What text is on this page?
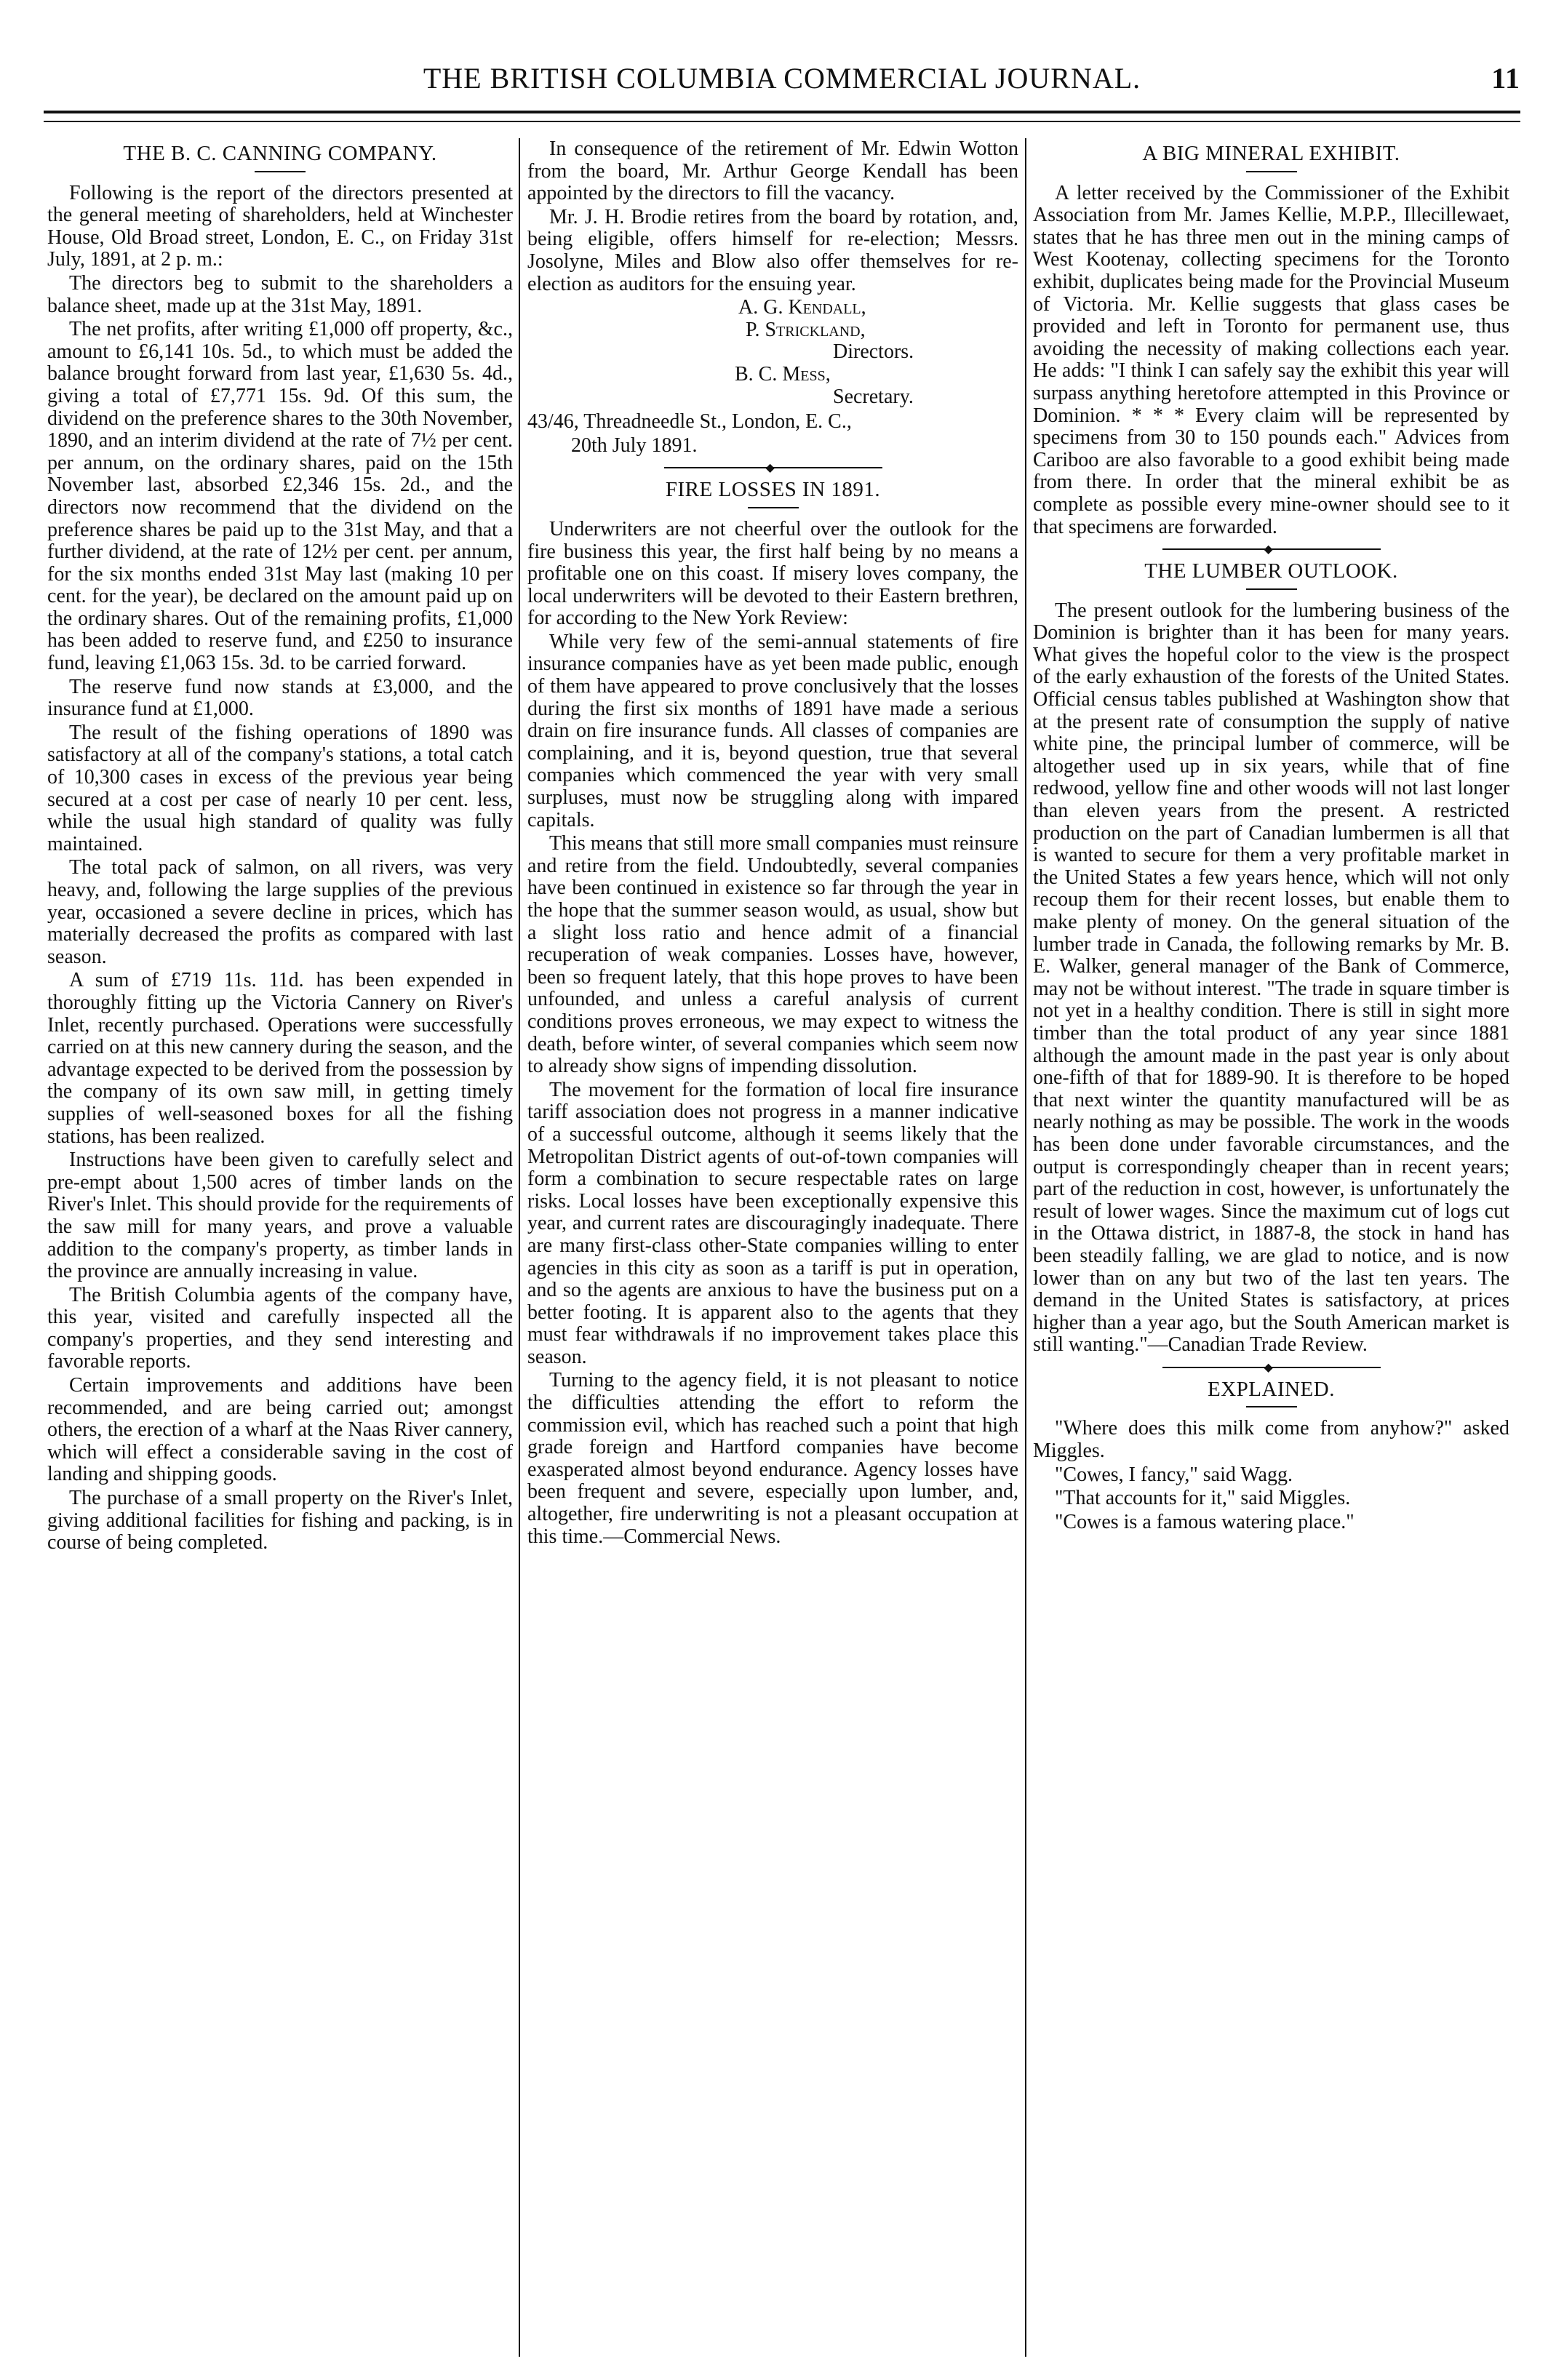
THE BRITISH COLUMBIA COMMERCIAL JOURNAL.	11
THE B. C. CANNING COMPANY.

Following is the report of the directors presented at the general meeting of shareholders, held at Winchester House, Old Broad street, London, E. C., on Friday 31st July, 1891, at 2 p. m.:

The directors beg to submit to the shareholders a balance sheet, made up at the 31st May, 1891.

The net profits, after writing £1,000 off property, &c., amount to £6,141 10s. 5d., to which must be added the balance brought forward from last year, £1,630 5s. 4d., giving a total of £7,771 15s. 9d. Of this sum, the dividend on the preference shares to the 30th November, 1890, and an interim dividend at the rate of 7½ per cent. per annum, on the ordinary shares, paid on the 15th November last, absorbed £2,346 15s. 2d., and the directors now recommend that the dividend on the preference shares be paid up to the 31st May, and that a further dividend, at the rate of 12½ per cent. per annum, for the six months ended 31st May last (making 10 per cent. for the year), be declared on the amount paid up on the ordinary shares. Out of the remaining profits, £1,000 has been added to reserve fund, and £250 to insurance fund, leaving £1,063 15s. 3d. to be carried forward.

The reserve fund now stands at £3,000, and the insurance fund at £1,000.

The result of the fishing operations of 1890 was satisfactory at all of the company's stations, a total catch of 10,300 cases in excess of the previous year being secured at a cost per case of nearly 10 per cent. less, while the usual high standard of quality was fully maintained.

The total pack of salmon, on all rivers, was very heavy, and, following the large supplies of the previous year, occasioned a severe decline in prices, which has materially decreased the profits as compared with last season.

A sum of £719 11s. 11d. has been expended in thoroughly fitting up the Victoria Cannery on River's Inlet, recently purchased. Operations were successfully carried on at this new cannery during the season, and the advantage expected to be derived from the possession by the company of its own saw mill, in getting timely supplies of well-seasoned boxes for all the fishing stations, has been realized.

Instructions have been given to carefully select and pre-empt about 1,500 acres of timber lands on the River's Inlet. This should provide for the requirements of the saw mill for many years, and prove a valuable addition to the company's property, as timber lands in the province are annually increasing in value.

The British Columbia agents of the company have, this year, visited and carefully inspected all the company's properties, and they send interesting and favorable reports.

Certain improvements and additions have been recommended, and are being carried out; amongst others, the erection of a wharf at the Naas River cannery, which will effect a considerable saving in the cost of landing and shipping goods.

The purchase of a small property on the River's Inlet, giving additional facilities for fishing and packing, is in course of being completed.

In consequence of the retirement of Mr. Edwin Wotton from the board, Mr. Arthur George Kendall has been appointed by the directors to fill the vacancy.

Mr. J. H. Brodie retires from the board by rotation, and, being eligible, offers himself for re-election; Messrs. Josolyne, Miles and Blow also offer themselves for re-election as auditors for the ensuing year.

A. G. Kendall,

P. Strickland,

Directors.

B. C. Mess,

Secretary.

43/46, Threadneedle St., London, E. C.,

20th July 1891.

◆
FIRE LOSSES IN 1891.

Underwriters are not cheerful over the outlook for the fire business this year, the first half being by no means a profitable one on this coast. If misery loves company, the local underwriters will be devoted to their Eastern brethren, for according to the New York Review:

While very few of the semi-annual statements of fire insurance companies have as yet been made public, enough of them have appeared to prove conclusively that the losses during the first six months of 1891 have made a serious drain on fire insurance funds. All classes of companies are complaining, and it is, beyond question, true that several companies which commenced the year with very small surpluses, must now be struggling along with impared capitals.

This means that still more small companies must reinsure and retire from the field. Undoubtedly, several companies have been continued in existence so far through the year in the hope that the summer season would, as usual, show but a slight loss ratio and hence admit of a financial recuperation of weak companies. Losses have, however, been so frequent lately, that this hope proves to have been unfounded, and unless a careful analysis of current conditions proves erroneous, we may expect to witness the death, before winter, of several companies which seem now to already show signs of impending dissolution.

The movement for the formation of local fire insurance tariff association does not progress in a manner indicative of a successful outcome, although it seems likely that the Metropolitan District agents of out-of-town companies will form a combination to secure respectable rates on large risks. Local losses have been exceptionally expensive this year, and current rates are discouragingly inadequate. There are many first-class other-State companies willing to enter agencies in this city as soon as a tariff is put in operation, and so the agents are anxious to have the business put on a better footing. It is apparent also to the agents that they must fear withdrawals if no improvement takes place this season.

Turning to the agency field, it is not pleasant to notice the difficulties attending the effort to reform the commission evil, which has reached such a point that high grade foreign and Hartford companies have become exasperated almost beyond endurance. Agency losses have been frequent and severe, especially upon lumber, and, altogether, fire underwriting is not a pleasant occupation at this time.—Commercial News.

A BIG MINERAL EXHIBIT.

A letter received by the Commissioner of the Exhibit Association from Mr. James Kellie, M.P.P., Illecillewaet, states that he has three men out in the mining camps of West Kootenay, collecting specimens for the Toronto exhibit, duplicates being made for the Provincial Museum of Victoria. Mr. Kellie suggests that glass cases be provided and left in Toronto for permanent use, thus avoiding the necessity of making collections each year. He adds: "I think I can safely say the exhibit this year will surpass anything heretofore attempted in this Province or Dominion. * * * Every claim will be represented by specimens from 30 to 150 pounds each." Advices from Cariboo are also favorable to a good exhibit being made from there. In order that the mineral exhibit be as complete as possible every mine-owner should see to it that specimens are forwarded.

◆
THE LUMBER OUTLOOK.

The present outlook for the lumbering business of the Dominion is brighter than it has been for many years. What gives the hopeful color to the view is the prospect of the early exhaustion of the forests of the United States. Official census tables published at Washington show that at the present rate of consumption the supply of native white pine, the principal lumber of commerce, will be altogether used up in six years, while that of fine redwood, yellow fine and other woods will not last longer than eleven years from the present. A restricted production on the part of Canadian lumbermen is all that is wanted to secure for them a very profitable market in the United States a few years hence, which will not only recoup them for their recent losses, but enable them to make plenty of money. On the general situation of the lumber trade in Canada, the following remarks by Mr. B. E. Walker, general manager of the Bank of Commerce, may not be without interest. "The trade in square timber is not yet in a healthy condition. There is still in sight more timber than the total product of any year since 1881 although the amount made in the past year is only about one-fifth of that for 1889-90. It is therefore to be hoped that next winter the quantity manufactured will be as nearly nothing as may be possible. The work in the woods has been done under favorable circumstances, and the output is correspondingly cheaper than in recent years; part of the reduction in cost, however, is unfortunately the result of lower wages. Since the maximum cut of logs cut in the Ottawa district, in 1887-8, the stock in hand has been steadily falling, we are glad to notice, and is now lower than on any but two of the last ten years. The demand in the United States is satisfactory, at prices higher than a year ago, but the South American market is still wanting."—Canadian Trade Review.

◆
EXPLAINED.

"Where does this milk come from anyhow?" asked Miggles.

"Cowes, I fancy," said Wagg.

"That accounts for it," said Miggles.

"Cowes is a famous watering place."
